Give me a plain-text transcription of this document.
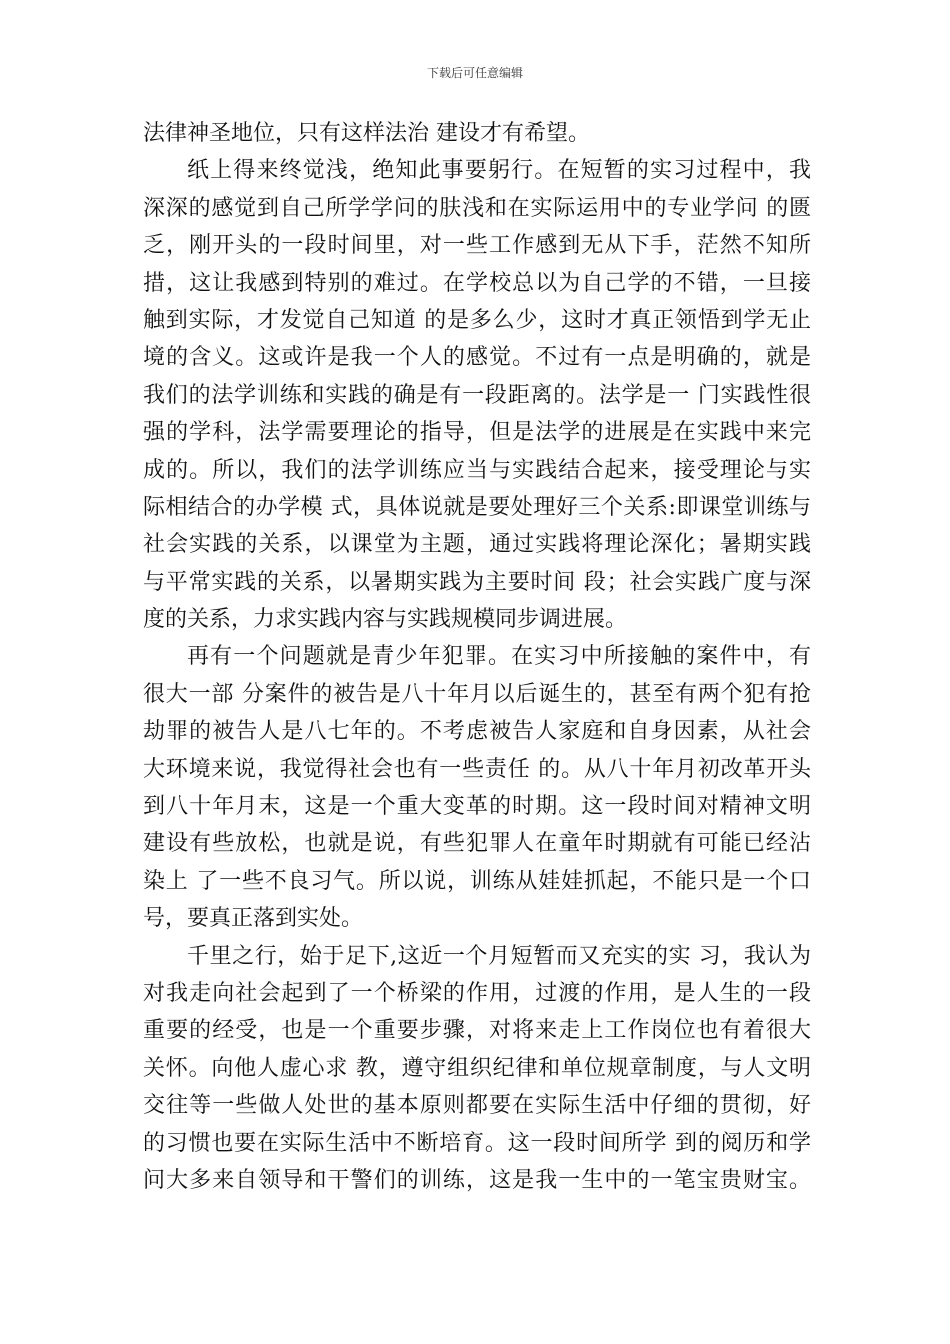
下载后可任意编辑
法律神圣地位，只有这样法治 建设才有希望。
纸上得来终觉浅，绝知此事要躬行。在短暂的实习过程中，我
深深的感觉到自己所学学问的肤浅和在实际运用中的专业学问 的匮
乏，刚开头的一段时间里，对一些工作感到无从下手，茫然不知所
措，这让我感到特别的难过。在学校总以为自己学的不错，一旦接
触到实际，才发觉自己知道 的是多么少，这时才真正领悟到学无止
境的含义。这或许是我一个人的感觉。不过有一点是明确的，就是
我们的法学训练和实践的确是有一段距离的。法学是一 门实践性很
强的学科，法学需要理论的指导，但是法学的进展是在实践中来完
成的。所以，我们的法学训练应当与实践结合起来，接受理论与实
际相结合的办学模 式，具体说就是要处理好三个关系:即课堂训练与
社会实践的关系，以课堂为主题，通过实践将理论深化；暑期实践
与平常实践的关系，以暑期实践为主要时间 段；社会实践广度与深
度的关系，力求实践内容与实践规模同步调进展。
再有一个问题就是青少年犯罪。在实习中所接触的案件中，有
很大一部 分案件的被告是八十年月以后诞生的，甚至有两个犯有抢
劫罪的被告人是八七年的。不考虑被告人家庭和自身因素，从社会
大环境来说，我觉得社会也有一些责任 的。从八十年月初改革开头
到八十年月末，这是一个重大变革的时期。这一段时间对精神文明
建设有些放松，也就是说，有些犯罪人在童年时期就有可能已经沾
染上 了一些不良习气。所以说，训练从娃娃抓起，不能只是一个口
号，要真正落到实处。
千里之行，始于足下,这近一个月短暂而又充实的实 习，我认为
对我走向社会起到了一个桥梁的作用，过渡的作用，是人生的一段
重要的经受，也是一个重要步骤，对将来走上工作岗位也有着很大
关怀。向他人虚心求 教，遵守组织纪律和单位规章制度，与人文明
交往等一些做人处世的基本原则都要在实际生活中仔细的贯彻，好
的习惯也要在实际生活中不断培育。这一段时间所学 到的阅历和学
问大多来自领导和干警们的训练，这是我一生中的一笔宝贵财宝。
